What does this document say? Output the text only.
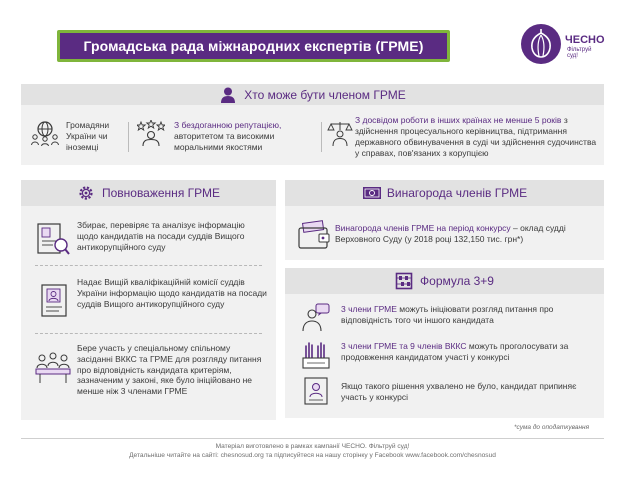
Громадська рада міжнародних експертів (ГРМЕ)	ЧЕСНО
Фільтруй суд!
Хто може бути членом ГРМЕ
Громадяни України чи іноземці
З бездоганною репутацією, авторитетом та високими моральними якостями
З досвідом роботи в інших країнах не менше 5 років з здійснення процесуального керівництва, підтримання державного обвинувачення в суді чи здійснення судочинства у справах, пов'язаних з корупцією
Повноваження ГРМЕ
Збирає, перевіряє та аналізує інформацію щодо кандидатів на посади суддів Вищого антикорупційного суду
Надає Вищій кваліфікаційній комісії суддів України інформацію щодо кандидатів на посади суддів Вищого антикорупційного суду
Бере участь у спеціальному спільному засіданні ВККС та ГРМЕ для розгляду питання про відповідність кандидата критеріям, зазначеним у законі, яке було ініційовано не менше ніж 3 членами ГРМЕ
Винагорода членів ГРМЕ
Винагорода членів ГРМЕ на період конкурсу – оклад судді Верховного Суду (у 2018 році 132,150 тис. грн*)
Формула 3+9
3 члени ГРМЕ можуть ініціювати розгляд питання про відповідність того чи іншого кандидата
3 члени ГРМЕ та 9 членів ВККС можуть проголосувати за продовження кандидатом участі у конкурсі
Якщо такого рішення ухвалено не було, кандидат припиняє участь у конкурсі
*сума до оподаткування
Матеріал виготовлено в рамках кампанії ЧЕСНО. Фільтруй суд!
Детальніше читайте на сайті: chesnosud.org та підписуйтеся на нашу сторінку у Facebook www.facebook.com/chesnosud
